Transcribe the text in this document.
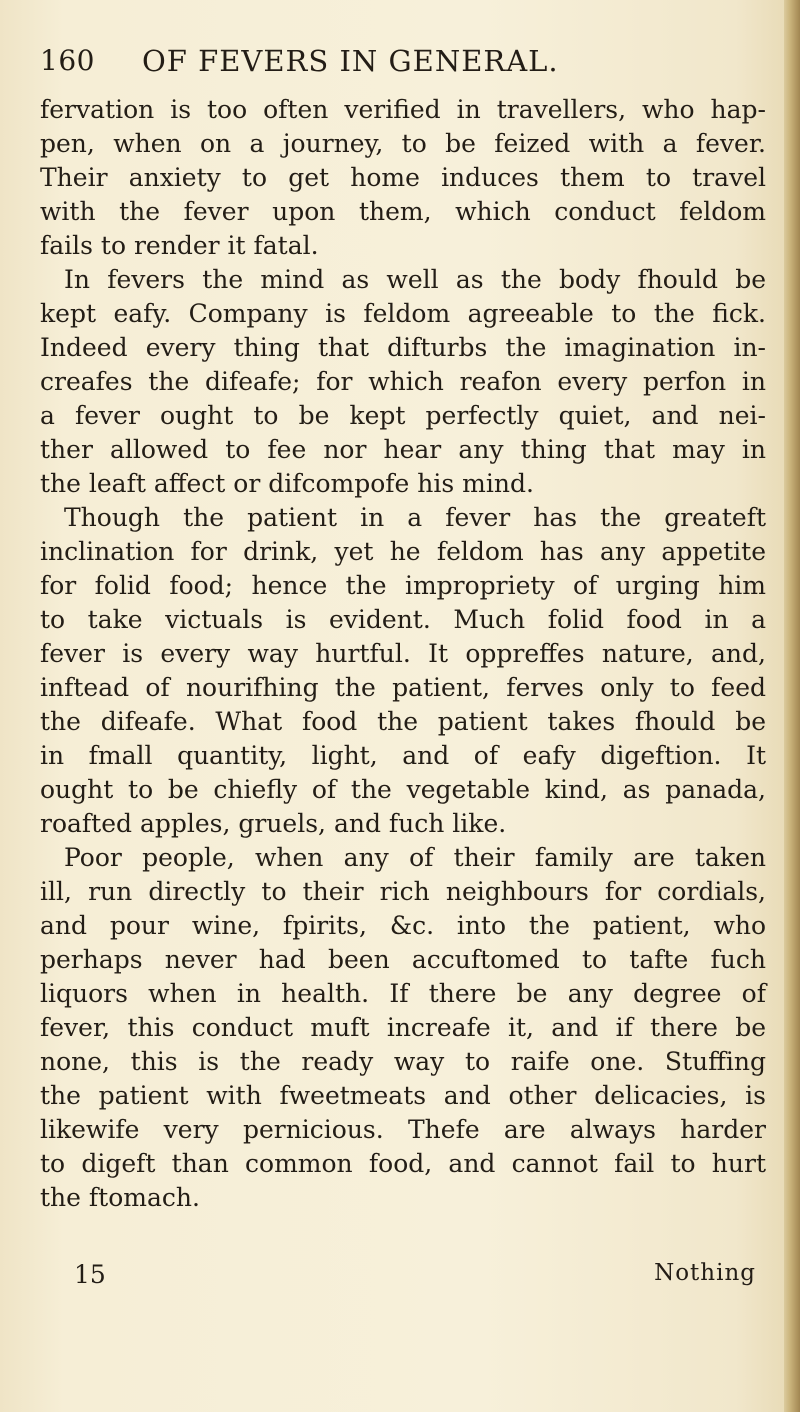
160 OF FEVERS IN GENERAL.
fervation is too often verified in travellers, who hap-
pen, when on a journey, to be feized with a fever.
Their anxiety to get home induces them to travel
with the fever upon them, which conduct feldom
fails to render it fatal.
In fevers the mind as well as the body fhould be
kept eafy. Company is feldom agreeable to the fick.
Indeed every thing that difturbs the imagination in-
creafes the difeafe; for which reafon every perfon in
a fever ought to be kept perfectly quiet, and nei-
ther allowed to fee nor hear any thing that may in
the leaft affect or difcompofe his mind.
Though the patient in a fever has the greateft
inclination for drink, yet he feldom has any appetite
for folid food; hence the impropriety of urging him
to take victuals is evident. Much folid food in a
fever is every way hurtful. It oppreffes nature, and,
inftead of nourifhing the patient, ferves only to feed
the difeafe. What food the patient takes fhould be
in fmall quantity, light, and of eafy digeftion. It
ought to be chiefly of the vegetable kind, as panada,
roafted apples, gruels, and fuch like.
Poor people, when any of their family are taken
ill, run directly to their rich neighbours for cordials,
and pour wine, fpirits, &c. into the patient, who
perhaps never had been accuftomed to tafte fuch
liquors when in health. If there be any degree of
fever, this conduct muft increafe it, and if there be
none, this is the ready way to raife one. Stuffing
the patient with fweetmeats and other delicacies, is
likewife very pernicious. Thefe are always harder
to digeft than common food, and cannot fail to hurt
the ftomach.
15	Nothing
